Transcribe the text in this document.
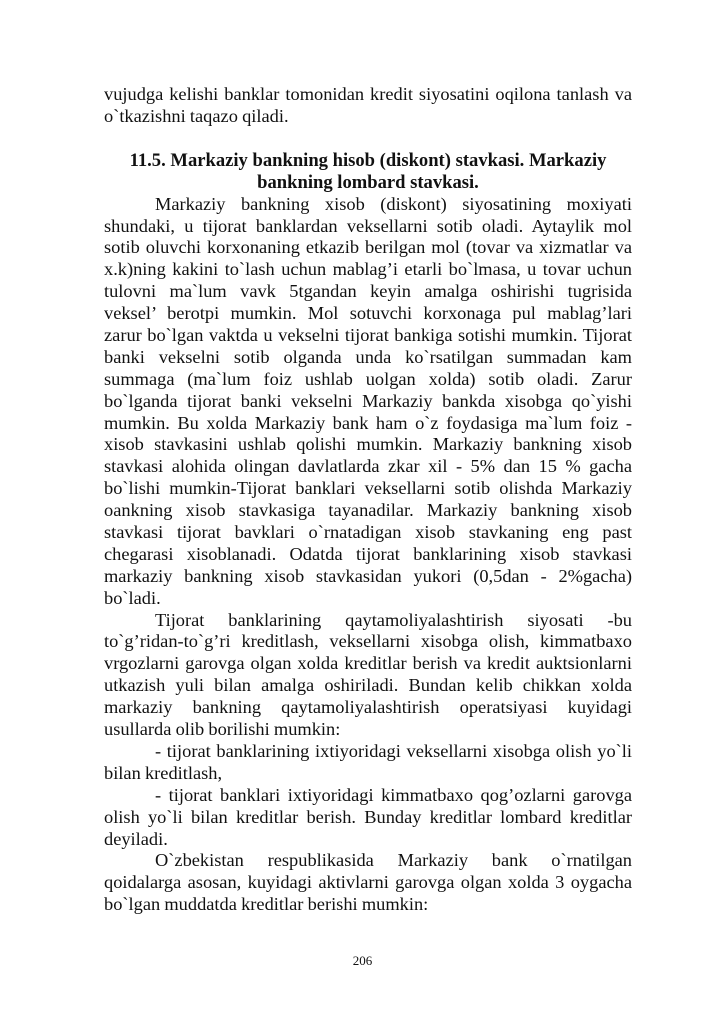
vujudga kelishi banklar tomonidan kredit siyosatini oqilona tanlash va
o`tkazishni taqazo qiladi.
11.5. Markaziy bankning hisob (diskont) stavkasi. Markaziy
bankning lombard stavkasi.
Markaziy bankning xisob (diskont) siyosatining moxiyati
shundaki, u tijorat banklardan veksellarni sotib oladi. Aytaylik mol
sotib oluvchi korxonaning etkazib berilgan mol (tovar va xizmatlar va
x.k)ning kakini to`lash uchun mablag’i etarli bo`lmasa, u tovar uchun
tulovni ma`lum vavk 5tgandan keyin amalga oshirishi tugrisida
veksel’ berotpi mumkin. Mol sotuvchi korxonaga pul mablag’lari
zarur bo`lgan vaktda u vekselni tijorat bankiga sotishi mumkin. Tijorat
banki vekselni sotib olganda unda ko`rsatilgan summadan kam
summaga (ma`lum foiz ushlab uolgan xolda) sotib oladi. Zarur
bo`lganda tijorat banki vekselni Markaziy bankda xisobga qo`yishi
mumkin. Bu xolda Markaziy bank ham o`z foydasiga ma`lum foiz -
xisob stavkasini ushlab qolishi mumkin. Markaziy bankning xisob
stavkasi alohida olingan davlatlarda zkar xil - 5% dan 15 % gacha
bo`lishi mumkin-Tijorat banklari veksellarni sotib olishda Markaziy
oankning xisob stavkasiga tayanadilar. Markaziy bankning xisob
stavkasi tijorat bavklari o`rnatadigan xisob stavkaning eng past
chegarasi xisoblanadi. Odatda tijorat banklarining xisob stavkasi
markaziy bankning xisob stavkasidan yukori (0,5dan - 2%gacha)
bo`ladi.
Tijorat banklarining qaytamoliyalashtirish siyosati -bu
to`g’ridan-to`g’ri kreditlash, veksellarni xisobga olish, kimmatbaxo
vrgozlarni garovga olgan xolda kreditlar berish va kredit auktsionlarni
utkazish yuli bilan amalga oshiriladi. Bundan kelib chikkan xolda
markaziy bankning qaytamoliyalashtirish operatsiyasi kuyidagi
usullarda olib borilishi mumkin:
- tijorat banklarining ixtiyoridagi veksellarni xisobga olish yo`li
bilan kreditlash,
- tijorat banklari ixtiyoridagi kimmatbaxo qog’ozlarni garovga
olish yo`li bilan kreditlar berish. Bunday kreditlar lombard kreditlar
deyiladi.
O`zbekistan respublikasida Markaziy bank o`rnatilgan
qoidalarga asosan, kuyidagi aktivlarni garovga olgan xolda 3 oygacha
bo`lgan muddatda kreditlar berishi mumkin:
206
